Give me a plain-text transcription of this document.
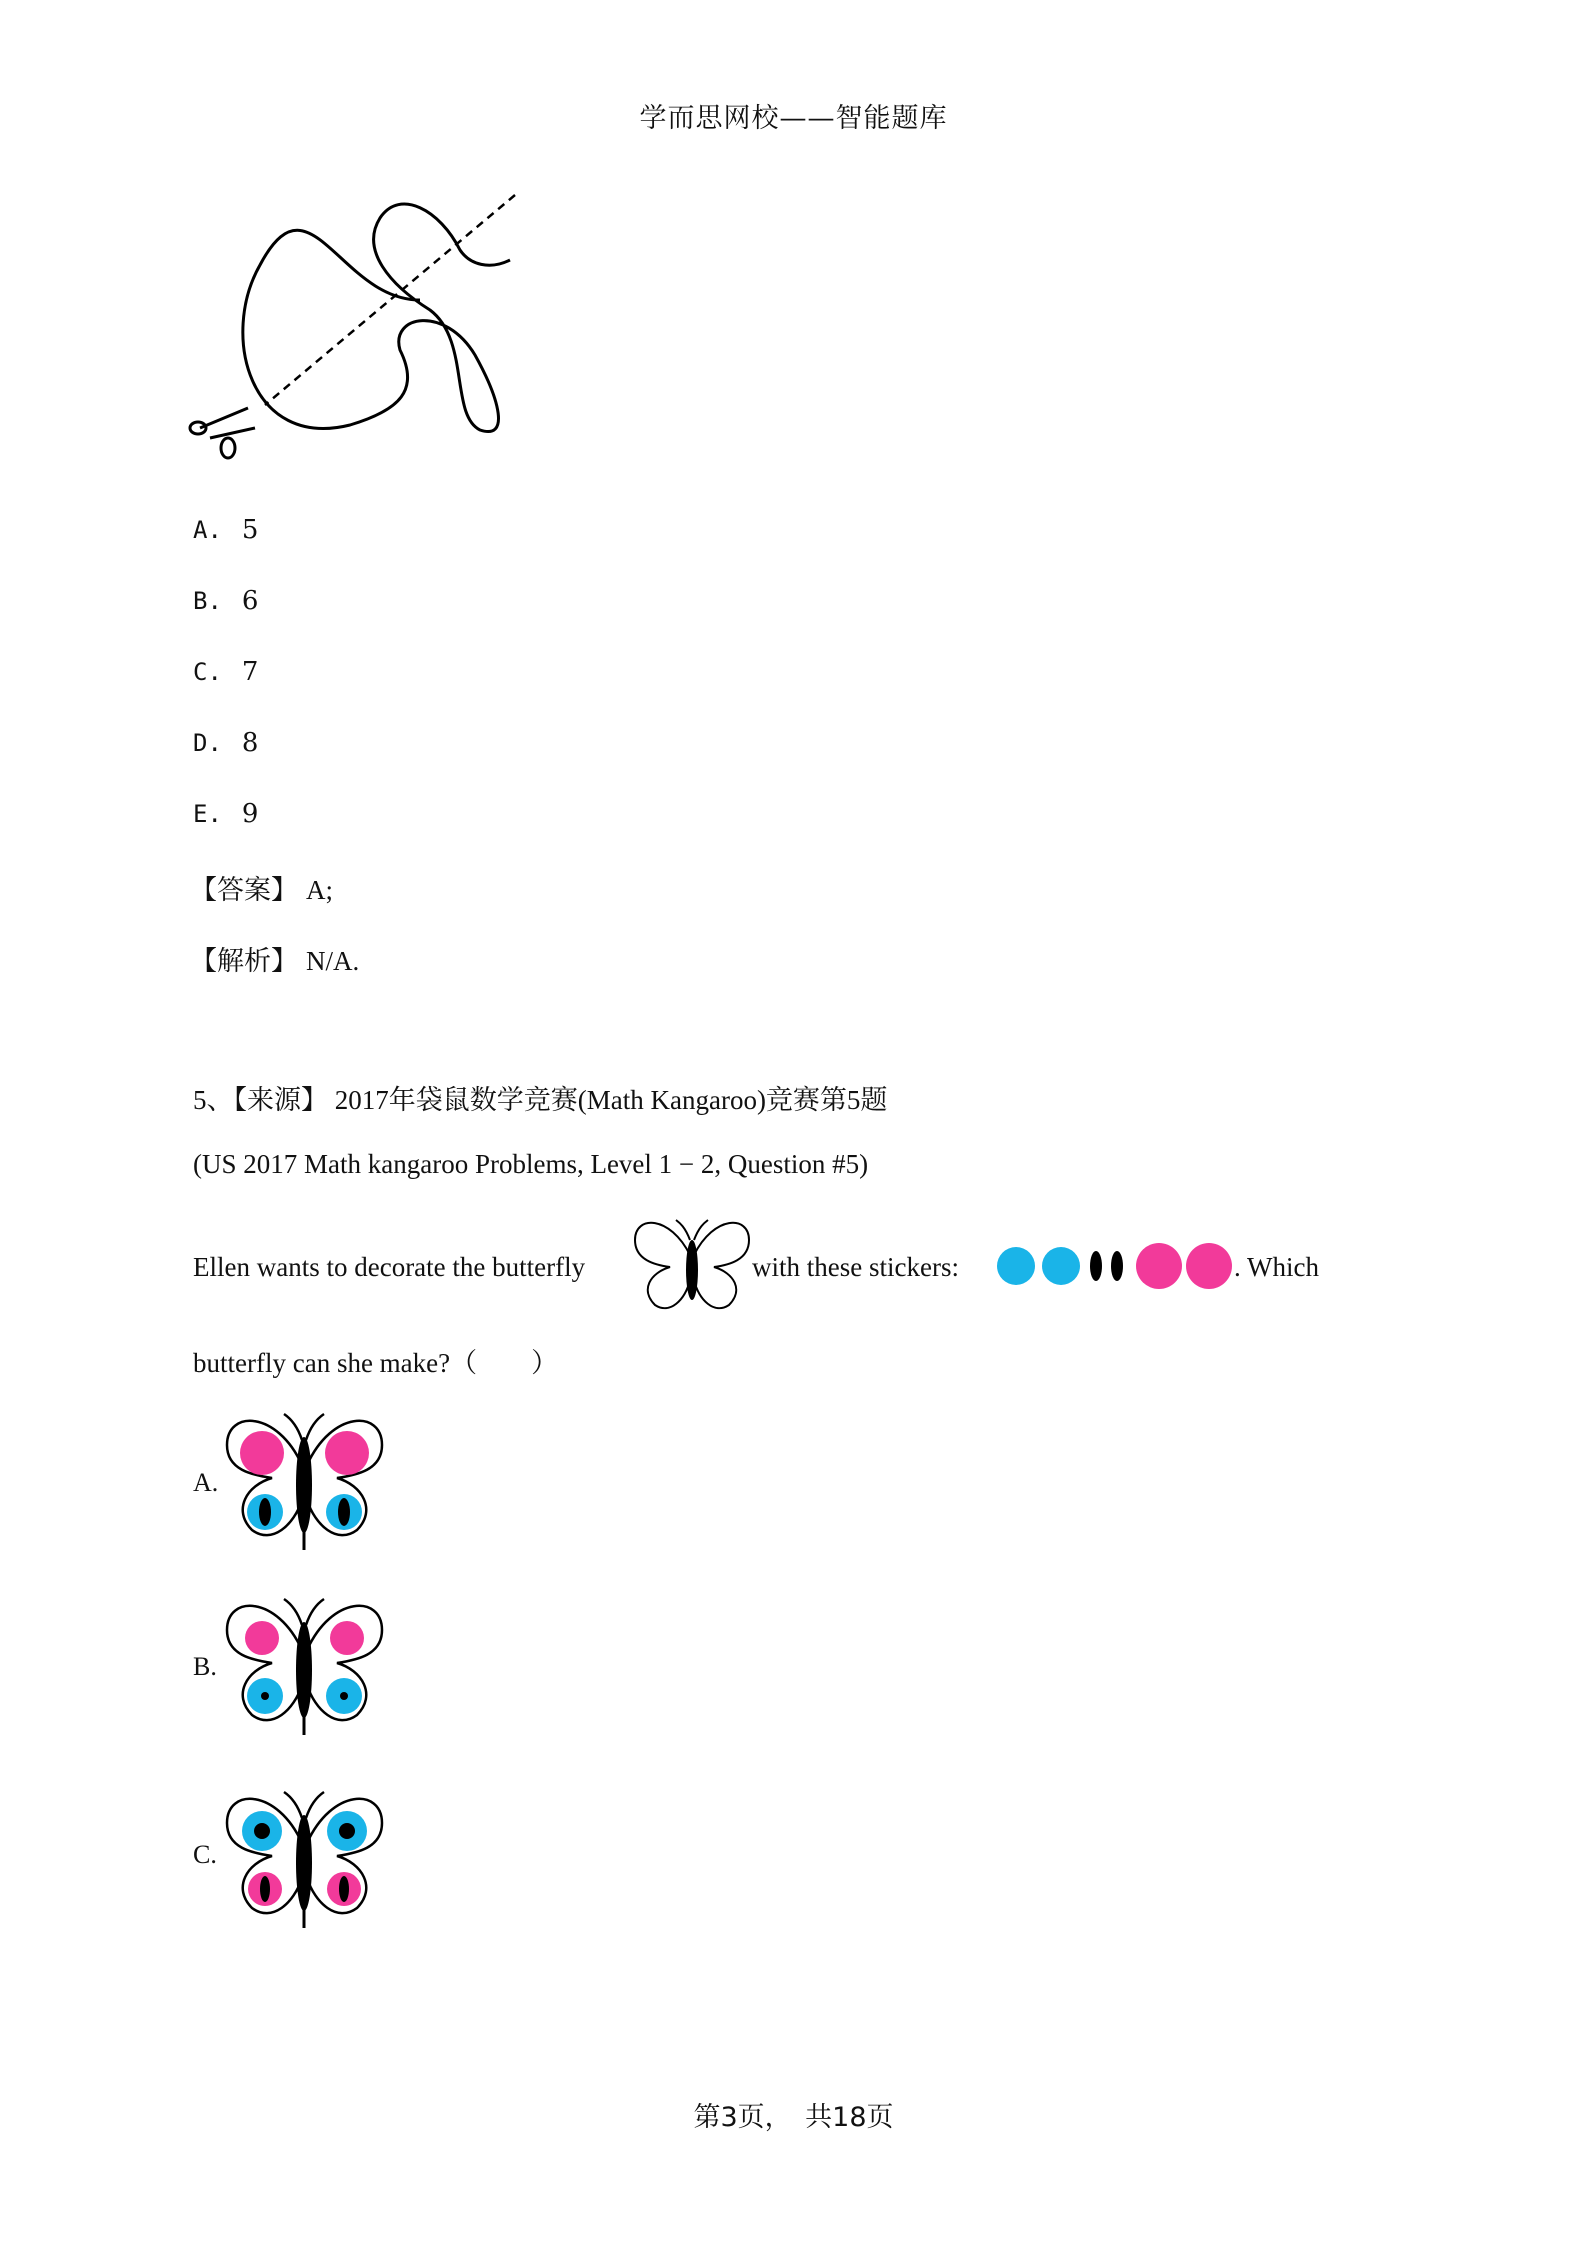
学而思网校——智能题库
A. 5
B. 6
C. 7
D. 8
E. 9
【答案】 A;
【解析】 N/A.
5、【来源】 2017年袋鼠数学竞赛(Math Kangaroo)竞赛第5题
(US 2017 Math kangaroo Problems, Level 1 − 2, Question #5)
Ellen wants to decorate the butterfly	with these stickers:	. Which
butterfly can she make?（　　）
A.
B.
C.
第3页，　共18页
